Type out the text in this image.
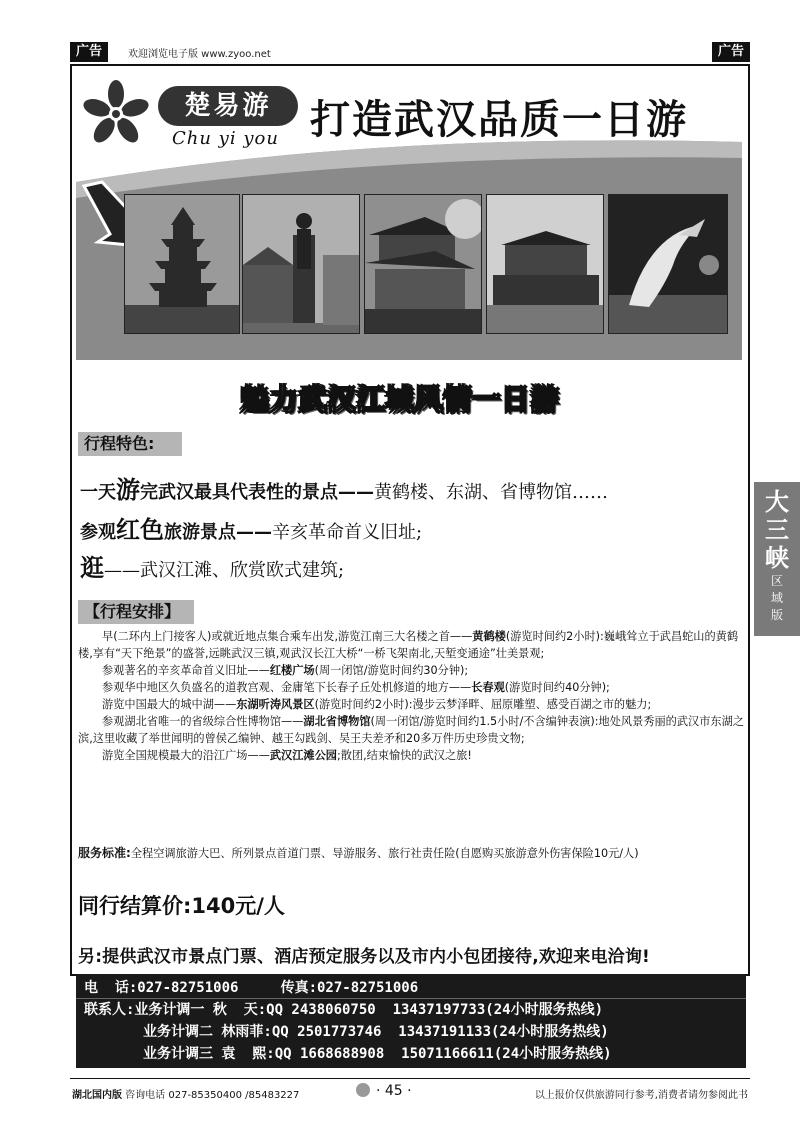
广告	欢迎浏览电子版 www.zyoo.net	广告
楚易游
Chu yi you 打造武汉品质一日游
魅力武汉江城风情一日游
行程特色:
一天游完武汉最具代表性的景点——黄鹤楼、东湖、省博物馆……
参观红色旅游景点——辛亥革命首义旧址;
逛——武汉江滩、欣赏欧式建筑;
【行程安排】

早(二环内上门接客人)或就近地点集合乘车出发,游览江南三大名楼之首——黄鹤楼(游览时间约2小时):巍峨耸立于武昌蛇山的黄鹤楼,享有“天下绝景”的盛誉,远眺武汉三镇,观武汉长江大桥“一桥飞架南北,天堑变通途”壮美景观;

参观著名的辛亥革命首义旧址——红楼广场(周一闭馆/游览时间约30分钟);

参观华中地区久负盛名的道教宫观、金庸笔下长春子丘处机修道的地方——长春观(游览时间约40分钟);

游览中国最大的城中湖——东湖听涛风景区(游览时间约2小时):漫步云梦泽畔、屈原雕塑、感受百湖之市的魅力;

参观湖北省唯一的省级综合性博物馆——湖北省博物馆(周一闭馆/游览时间约1.5小时/不含编钟表演):地处风景秀丽的武汉市东湖之滨,这里收藏了举世闻明的曾侯乙编钟、越王勾践剑、吴王夫差矛和20多万件历史珍贵文物;

游览全国规模最大的沿江广场——武汉江滩公园;散团,结束愉快的武汉之旅!

服务标准:全程空调旅游大巴、所列景点首道门票、导游服务、旅行社责任险(自愿购买旅游意外伤害保险10元/人)
同行结算价:140元/人
另:提供武汉市景点门票、酒店预定服务以及市内小包团接待,欢迎来电洽询!
电  话:027-82751006     传真:027-82751006
联系人:业务计调一 秋  天:QQ 2438060750  13437197733(24小时服务热线)
业务计调二 林雨菲:QQ 2501773746  13437191133(24小时服务热线)
业务计调三 袁  熙:QQ 1668688908  15071166611(24小时服务热线)
大三峡
区
域
版
湖北国内版 咨询电话 027-85350400 /85483227	· 45 ·	以上报价仅供旅游同行参考,消费者请勿参阅此书
